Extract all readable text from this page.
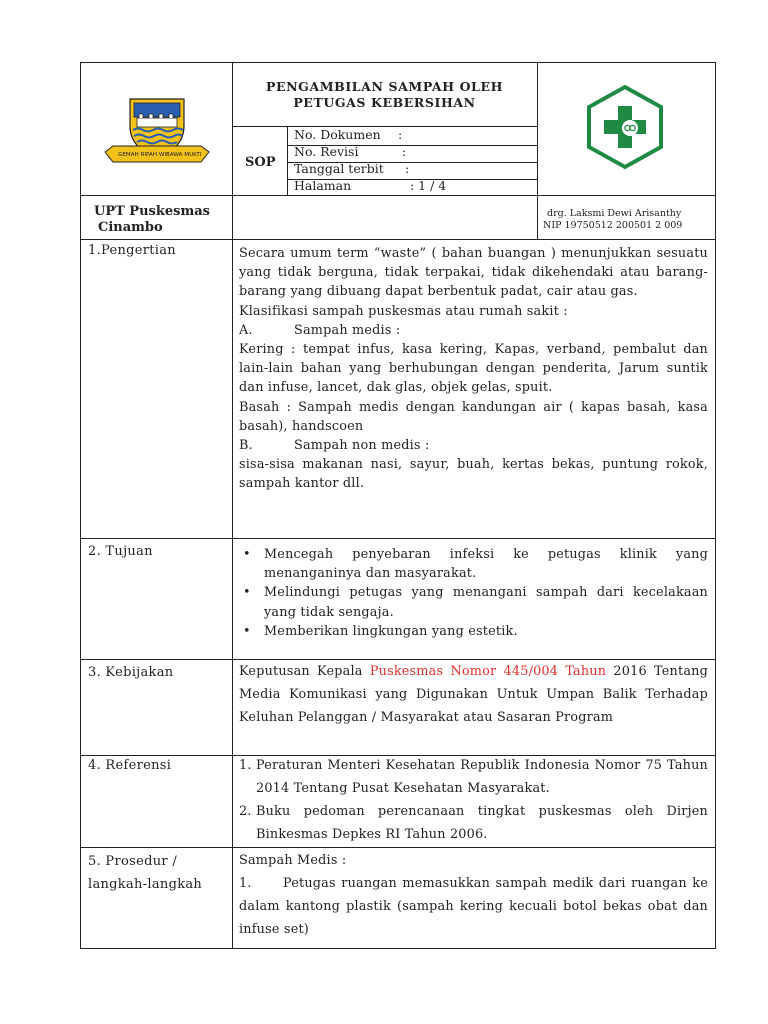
GEMAH RIPAH WIBAWA MUKTI
PENGAMBILAN SAMPAH OLEH
PETUGAS KEBERSIHAN
SOP
No. Dokumen :
No. Revisi	:
Tanggal terbit :
Halaman	: 1 / 4
UPT Puskesmas
Cinambo
drg. Laksmi Dewi Arisanthy
NIP 19750512 200501 2 009
1.Pengertian	Secara umum term “waste” ( bahan buangan ) menunjukkan sesuatu yang tidak berguna, tidak terpakai, tidak dikehendaki atau barang-barang yang dibuang dapat berbentuk padat, cair atau gas.
Klasifikasi sampah puskesmas atau rumah sakit :
A.	Sampah medis :
Kering : tempat infus, kasa kering, Kapas, verband, pembalut dan lain-lain bahan yang berhubungan dengan penderita, Jarum suntik dan infuse, lancet, dak glas, objek gelas, spuit.
Basah : Sampah medis dengan kandungan air ( kapas basah, kasa basah), handscoen
B.	Sampah non medis :
sisa-sisa makanan nasi, sayur, buah, kertas bekas, puntung rokok, sampah kantor dll.
2. Tujuan
•	Mencegah penyebaran infeksi ke petugas klinik yang menanganinya dan masyarakat.
• Melindungi petugas yang menangani sampah dari kecelakaan yang tidak sengaja.
• Memberikan lingkungan yang estetik.
3. Kebijakan	Keputusan Kepala Puskesmas Nomor 445/004 Tahun 2016 Tentang Media Komunikasi yang Digunakan Untuk Umpan Balik Terhadap Keluhan Pelanggan / Masyarakat atau Sasaran Program
4. Referensi	1. Peraturan Menteri Kesehatan Republik Indonesia Nomor 75 Tahun 2014 Tentang Pusat Kesehatan Masyarakat.
2. Buku pedoman perencanaan tingkat puskesmas oleh Dirjen Binkesmas Depkes RI Tahun 2006.
5. Prosedur /
langkah-langkah
Sampah Medis :
1. Petugas ruangan memasukkan sampah medik dari ruangan ke dalam kantong plastik (sampah kering kecuali botol bekas obat dan infuse set)
